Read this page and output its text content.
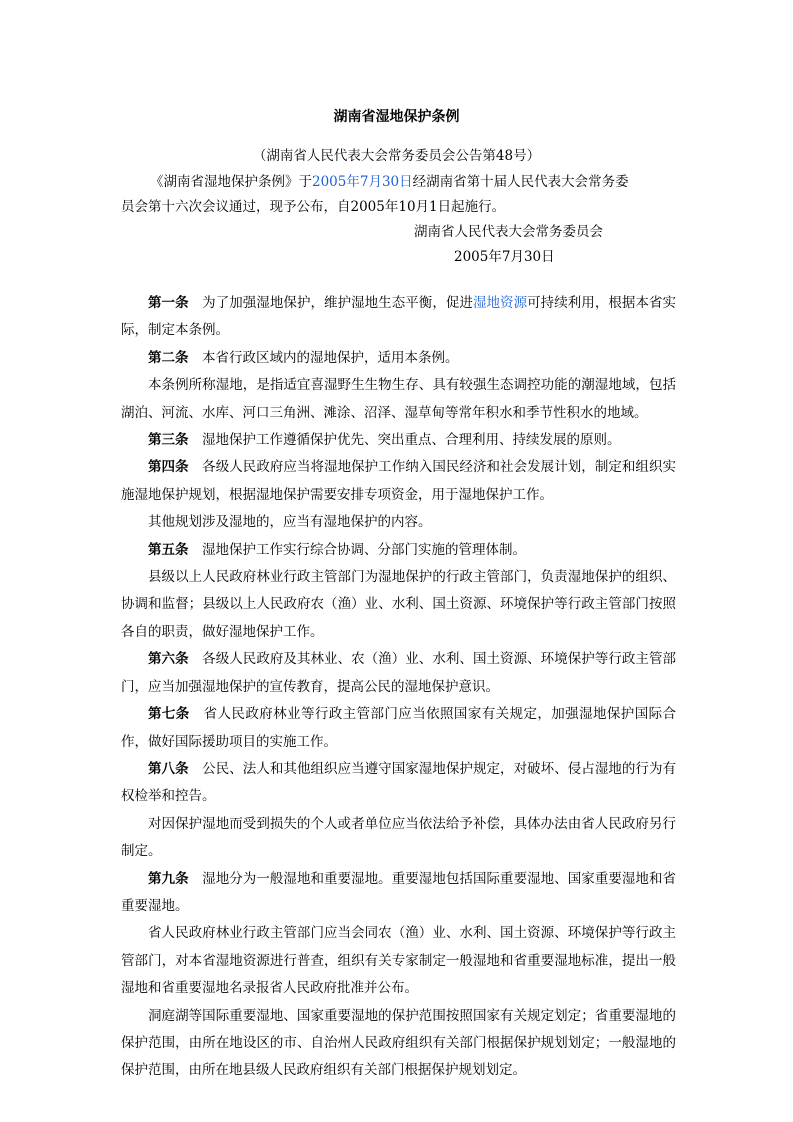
湖南省湿地保护条例
（湖南省人民代表大会常务委员会公告第48号）
《湖南省湿地保护条例》于2005年7月30日经湖南省第十届人民代表大会常务委
员会第十六次会议通过，现予公布，自2005年10月1日起施行。
湖南省人民代表大会常务委员会
2005年7月30日

第一条　 为了加强湿地保护，维护湿地生态平衡，促进湿地资源可持续利用，根据本省实际，制定本条例。

第二条　 本省行政区域内的湿地保护，适用本条例。

本条例所称湿地，是指适宜喜湿野生生物生存、具有较强生态调控功能的潮湿地域，包括湖泊、河流、水库、河口三角洲、滩涂、沼泽、湿草甸等常年积水和季节性积水的地域。

第三条　 湿地保护工作遵循保护优先、突出重点、合理利用、持续发展的原则。

第四条　 各级人民政府应当将湿地保护工作纳入国民经济和社会发展计划，制定和组织实施湿地保护规划，根据湿地保护需要安排专项资金，用于湿地保护工作。

其他规划涉及湿地的，应当有湿地保护的内容。

第五条　 湿地保护工作实行综合协调、分部门实施的管理体制。

县级以上人民政府林业行政主管部门为湿地保护的行政主管部门，负责湿地保护的组织、协调和监督；县级以上人民政府农（渔）业、水利、国土资源、环境保护等行政主管部门按照各自的职责，做好湿地保护工作。

第六条　 各级人民政府及其林业、农（渔）业、水利、国土资源、环境保护等行政主管部门，应当加强湿地保护的宣传教育，提高公民的湿地保护意识。

第七条　 省人民政府林业等行政主管部门应当依照国家有关规定，加强湿地保护国际合作，做好国际援助项目的实施工作。

第八条　 公民、法人和其他组织应当遵守国家湿地保护规定，对破坏、侵占湿地的行为有权检举和控告。

对因保护湿地而受到损失的个人或者单位应当依法给予补偿，具体办法由省人民政府另行制定。

第九条　 湿地分为一般湿地和重要湿地。重要湿地包括国际重要湿地、国家重要湿地和省重要湿地。

省人民政府林业行政主管部门应当会同农（渔）业、水利、国土资源、环境保护等行政主管部门，对本省湿地资源进行普查，组织有关专家制定一般湿地和省重要湿地标准，提出一般湿地和省重要湿地名录报省人民政府批准并公布。

洞庭湖等国际重要湿地、国家重要湿地的保护范围按照国家有关规定划定；省重要湿地的保护范围，由所在地设区的市、自治州人民政府组织有关部门根据保护规划划定；一般湿地的保护范围，由所在地县级人民政府组织有关部门根据保护规划划定。
